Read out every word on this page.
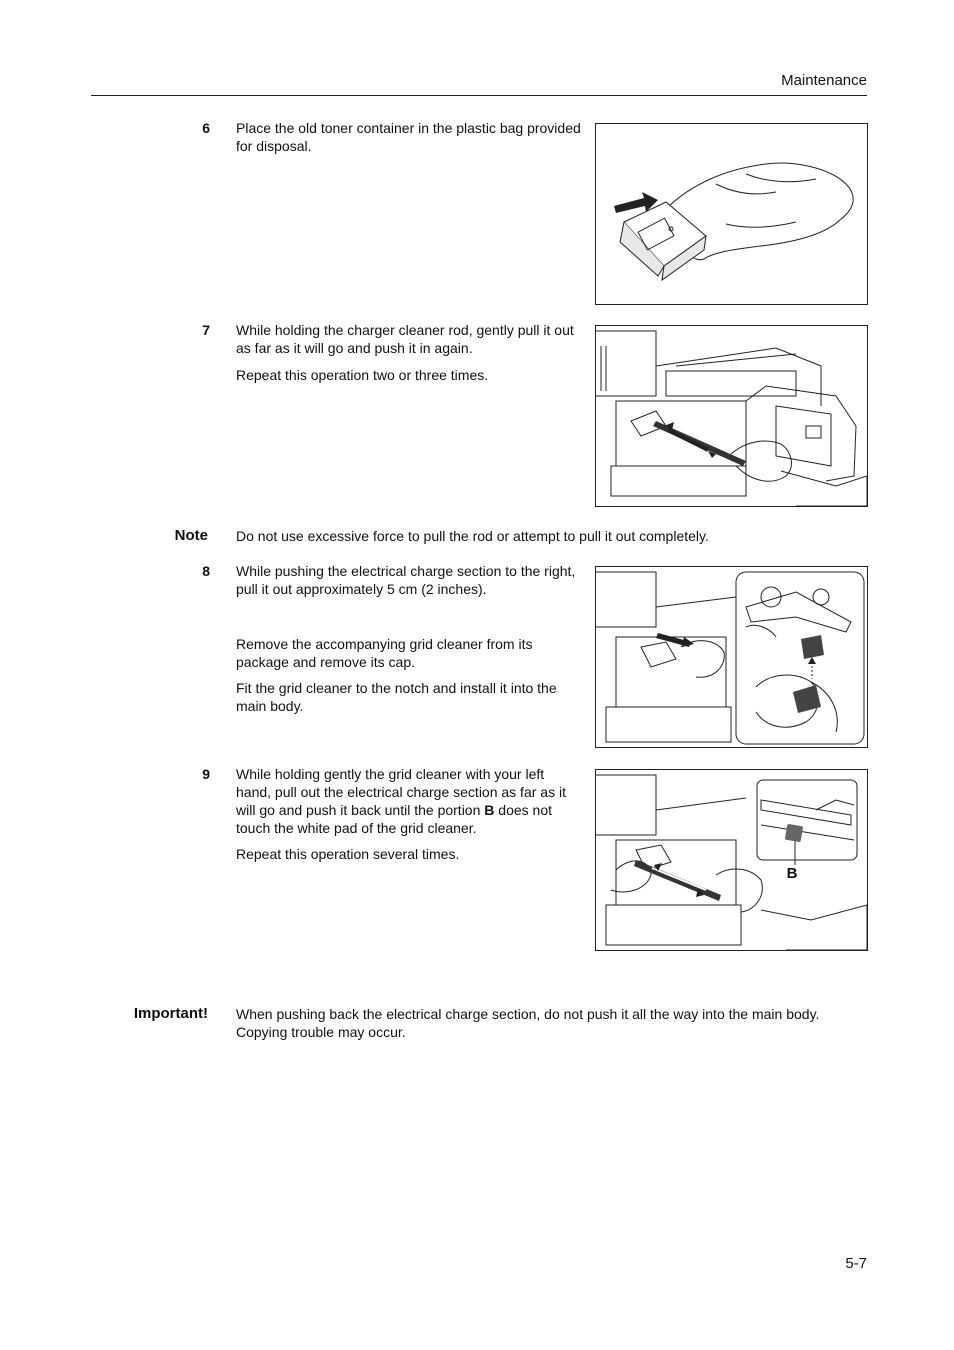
Maintenance
6 Place the old toner container in the plastic bag provided for disposal.
7 While holding the charger cleaner rod, gently pull it out as far as it will go and push it in again.
Repeat this operation two or three times.
Note Do not use excessive force to pull the rod or attempt to pull it out completely.
8 While pushing the electrical charge section to the right, pull it out approximately 5 cm (2 inches).
Remove the accompanying grid cleaner from its package and remove its cap.
Fit the grid cleaner to the notch and install it into the main body.
9 While holding gently the grid cleaner with your left hand, pull out the electrical charge section as far as it will go and push it back until the portion B does not touch the white pad of the grid cleaner.
Repeat this operation several times.
B
Important! When pushing back the electrical charge section, do not push it all the way into the main body. Copying trouble may occur.
5-7
